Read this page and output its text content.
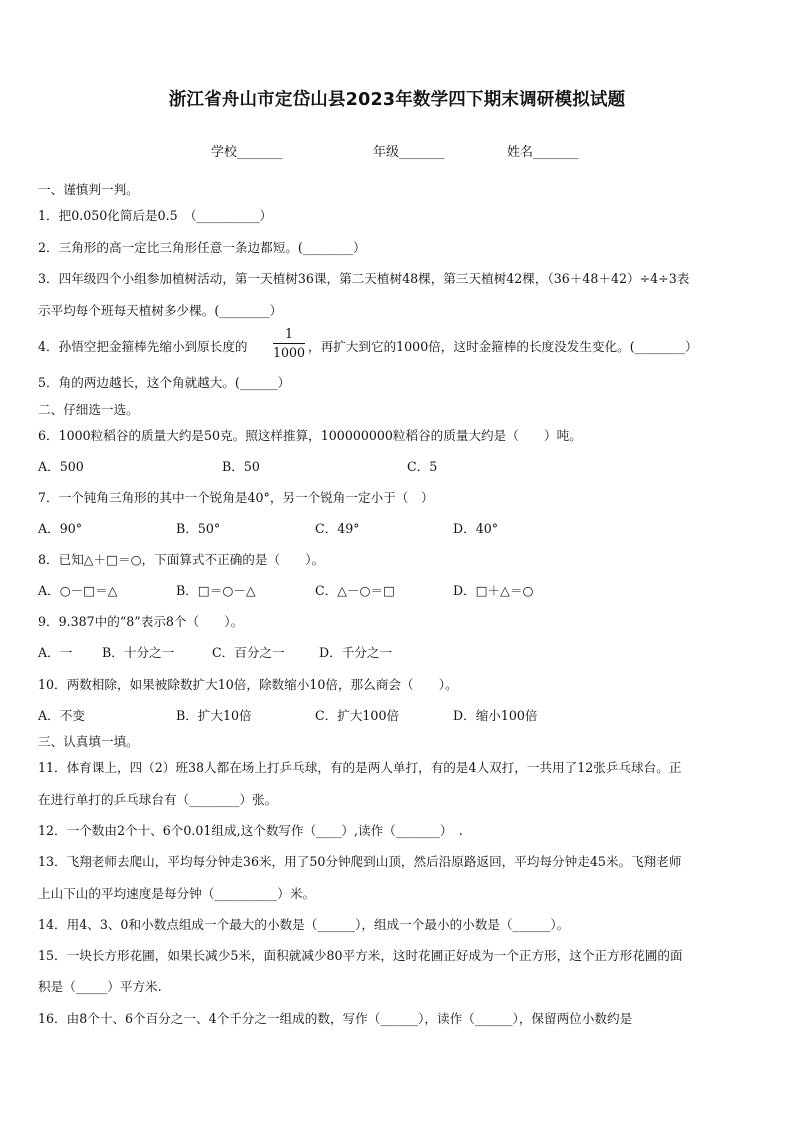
浙江省舟山市定岱山县2023年数学四下期末调研模拟试题
学校_______	年级_______	姓名_______
一、谨慎判一判。
1．把0.050化简后是0.5　（__________）
2．三角形的高一定比三角形任意一条边都短。(________）
3．四年级四个小组参加植树活动，第一天植树36课，第二天植树48棵，第三天植树42棵，（36＋48＋42）÷4÷3表
示平均每个班每天植树多少棵。(________）
4．孙悟空把金箍棒先缩小到原长度的
1
1000 ，再扩大到它的1000倍，这时金箍棒的长度没发生变化。(________）
5．角的两边越长，这个角就越大。(______）
二、仔细选一选。
6．1000粒稻谷的质量大约是50克。照这样推算，100000000粒稻谷的质量大约是（　　）吨。
A．500	B．50	C．5
7．一个钝角三角形的其中一个锐角是40°，另一个锐角一定小于（　）
A．90°	B．50°	C．49°	D．40°
8．已知△＋□＝○，下面算式不正确的是（　　）。
A．○－□＝△	B．□＝○－△	C．△－○＝□	D．□＋△＝○
9．9.387中的“8”表示8个（　　）。
A．一 B．十分之一	C．百分之一	D．千分之一
10．两数相除，如果被除数扩大10倍，除数缩小10倍，那么商会（　　）。
A．不变	B．扩大10倍	C．扩大100倍	D．缩小100倍
三、认真填一填。
11．体育课上，四（2）班38人都在场上打乒乓球，有的是两人单打，有的是4人双打，一共用了12张乒乓球台。正
在进行单打的乒乓球台有（________）张。
12．一个数由2个十、6个0.01组成,这个数写作（____）,读作（_______）　.
13．飞翔老师去爬山，平均每分钟走36米，用了50分钟爬到山顶，然后沿原路返回，平均每分钟走45米。飞翔老师
上山下山的平均速度是每分钟（__________）米。
14．用4、3、0和小数点组成一个最大的小数是（______），组成一个最小的小数是（______）。
15．一块长方形花圃，如果长减少5米，面积就减少80平方米，这时花圃正好成为一个正方形，这个正方形花圃的面
积是（_____）平方米.
16．由8个十、6个百分之一、4个千分之一组成的数，写作（______），读作（______），保留两位小数约是
